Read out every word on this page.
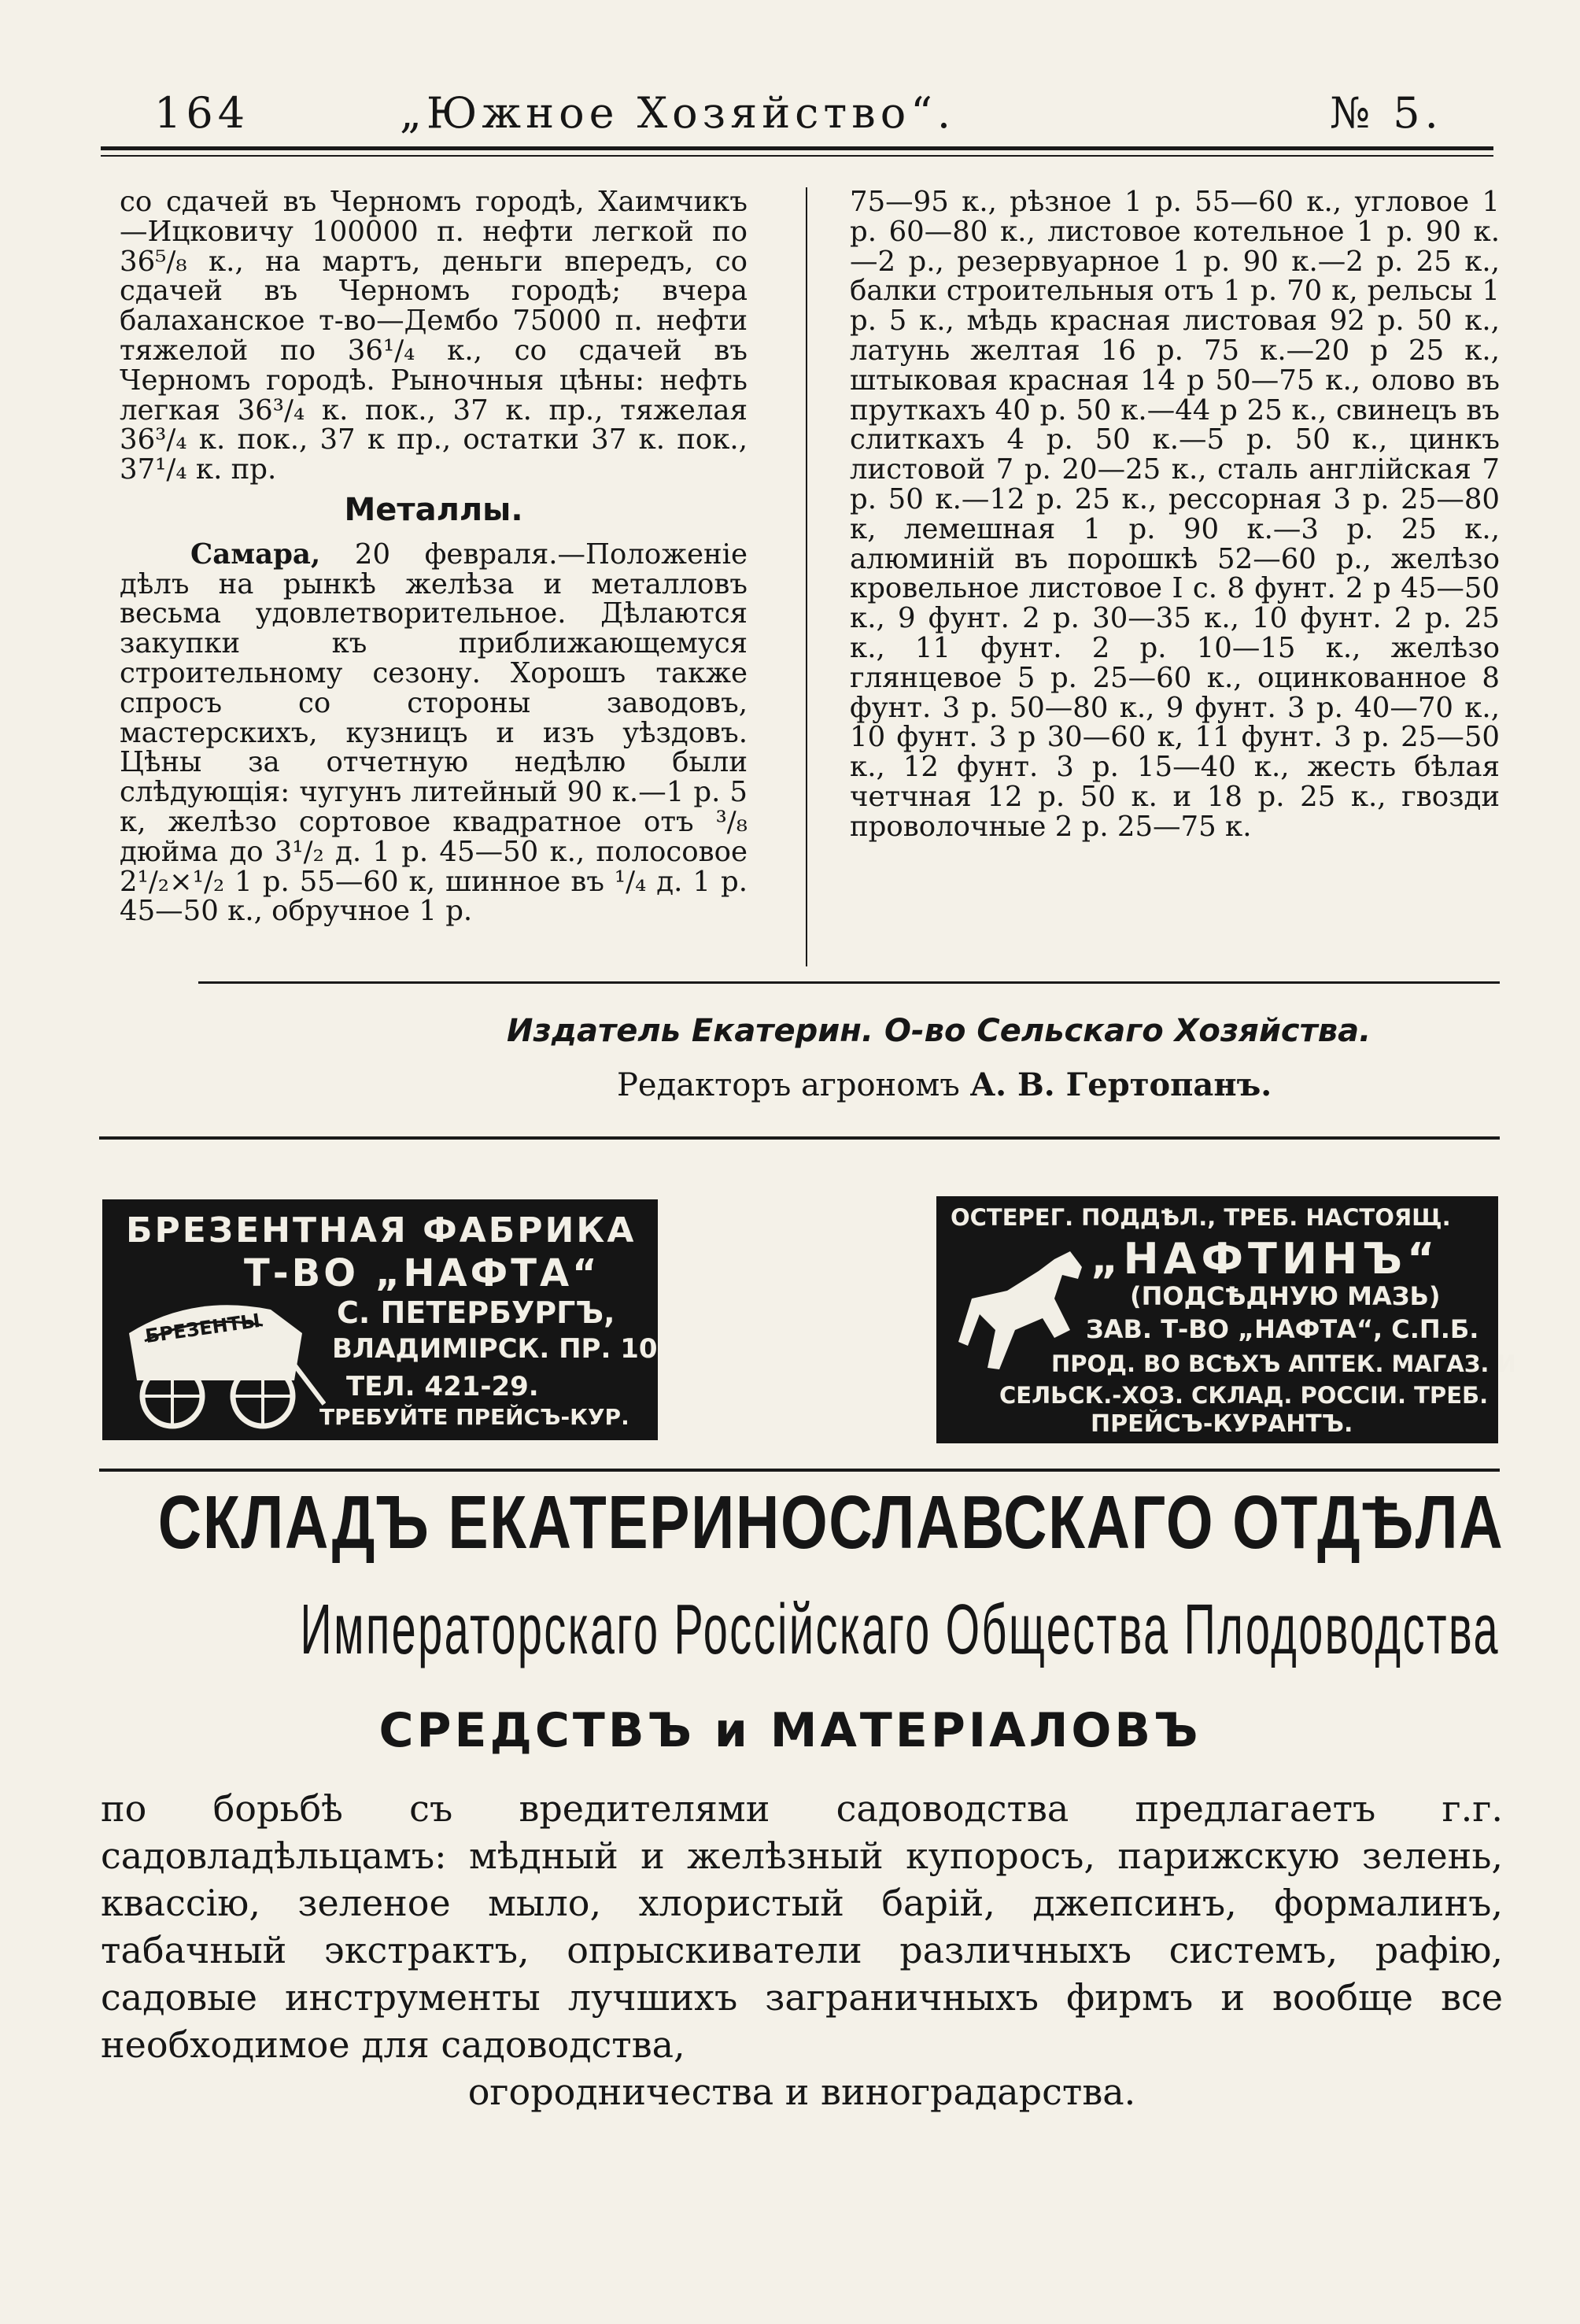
164	„Южное Хозяйство“.	№ 5.

со сдачей въ Черномъ городѣ, Хаимчикъ—Ицковичу 100000 п. нефти легкой по 36⁵/₈ к., на мартъ, деньги впередъ, со сдачей въ Черномъ городѣ; вчера балаханское т-во—Дембо 75000 п. нефти тяжелой по 36¹/₄ к., со сдачей въ Черномъ городѣ. Рыночныя цѣны: нефть легкая 36³/₄ к. пок., 37 к. пр., тяжелая 36³/₄ к. пок., 37 к пр., остатки 37 к. пок., 37¹/₄ к. пр.

Металлы.

Самара, 20 февраля.—Положеніе дѣлъ на рынкѣ желѣза и металловъ весьма удовлетворительное. Дѣлаются закупки къ приближающемуся строительному сезону. Хорошъ также спросъ со стороны заводовъ, мастерскихъ, кузницъ и изъ уѣздовъ. Цѣны за отчетную недѣлю были слѣдующія: чугунъ литейный 90 к.—1 р. 5 к, желѣзо сортовое квадратное отъ ³/₈ дюйма до 3¹/₂ д. 1 р. 45—50 к., полосовое 2¹/₂×¹/₂ 1 р. 55—60 к, шинное въ ¹/₄ д. 1 р. 45—50 к., обручное 1 р.

75—95 к., рѣзное 1 р. 55—60 к., угловое 1 р. 60—80 к., листовое котельное 1 р. 90 к.—2 р., резервуарное 1 р. 90 к.—2 р. 25 к., балки строительныя отъ 1 р. 70 к, рельсы 1 р. 5 к., мѣдь красная листовая 92 р. 50 к., латунь желтая 16 р. 75 к.—20 р 25 к., штыковая красная 14 р 50—75 к., олово въ пруткахъ 40 р. 50 к.—44 р 25 к., свинецъ въ слиткахъ 4 р. 50 к.—5 р. 50 к., цинкъ листовой 7 р. 20—25 к., сталь англійская 7 р. 50 к.—12 р. 25 к., рессорная 3 р. 25—80 к, лемешная 1 р. 90 к.—3 р. 25 к., алюминій въ порошкѣ 52—60 р., желѣзо кровельное листовое I с. 8 фунт. 2 р 45—50 к., 9 фунт. 2 р. 30—35 к., 10 фунт. 2 р. 25 к., 11 фунт. 2 р. 10—15 к., желѣзо глянцевое 5 р. 25—60 к., оцинкованное 8 фунт. 3 р. 50—80 к., 9 фунт. 3 р. 40—70 к., 10 фунт. 3 р 30—60 к, 11 фунт. 3 р. 25—50 к., 12 фунт. 3 р. 15—40 к., жесть бѣлая четчная 12 р. 50 к. и 18 р. 25 к., гвозди проволочные 2 р. 25—75 к.

Издатель Екатерин. О-во Сельскаго Хозяйства.
Редакторъ агрономъ А. В. Гертопанъ.
БРЕЗЕНТНАЯ ФАБРИКА
Т-ВО „НАФТА“
С. ПЕТЕРБУРГЪ,
ВЛАДИМІРСК. ПР. 10
ТЕЛ. 421-29.
ТРЕБУЙТЕ ПРЕЙСЪ-КУР.
БРЕЗЕНТЫ
ОСТЕРЕГ. ПОДДѢЛ., ТРЕБ. НАСТОЯЩ.
„НАФТИНЪ“
(ПОДСѢДНУЮ МАЗЬ)
ЗАВ. Т-ВО „НАФТА“, С.П.Б.
ПРОД. ВО ВСѢХЪ АПТЕК. МАГАЗ. И
СЕЛЬСК.-ХОЗ. СКЛАД. РОССІИ. ТРЕБ.
ПРЕЙСЪ-КУРАНТЪ.
СКЛАДЪ ЕКАТЕРИНОСЛАВСКАГО ОТДѢЛА
Императорскаго Россійскаго Общества Плодоводства
СРЕДСТВЪ и МАТЕРІАЛОВЪ

по борьбѣ съ вредителями садоводства предлагаетъ г.г. садовладѣльцамъ: мѣдный и желѣзный купоросъ, парижскую зелень, квассію, зеленое мыло, хлористый барій, джепсинъ, формалинъ, табачный экстрактъ, опрыскиватели различныхъ системъ, рафію, садовые инструменты лучшихъ заграничныхъ фирмъ и вообще все необходимое для садоводства,

огородничества и виноградарства.
